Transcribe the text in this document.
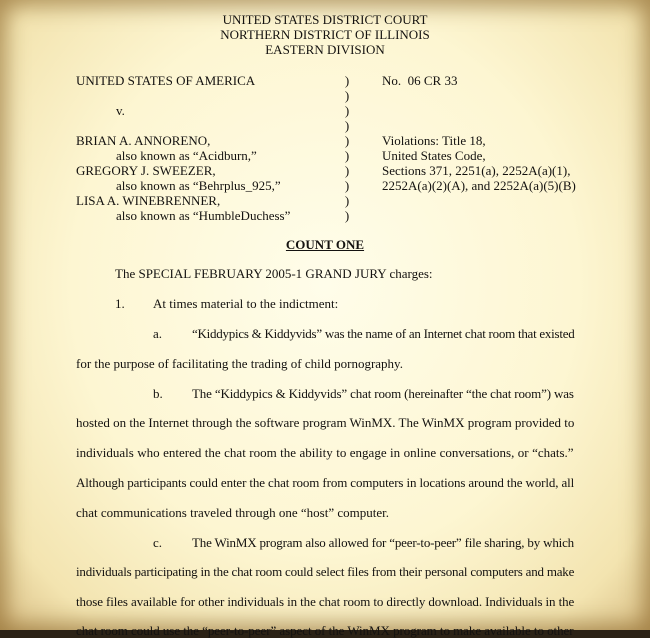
UNITED STATES DISTRICT COURT
NORTHERN DISTRICT OF ILLINOIS
EASTERN DIVISION
UNITED STATES OF AMERICA
v.
BRIAN A. ANNORENO,
also known as “Acidburn,”
GREGORY J. SWEEZER,
also known as “Behrplus_925,”
LISA A. WINEBRENNER,
also known as “HumbleDuchess”
)
)
)
)
)
)
)
)
)
)
No. 06 CR 33
Violations: Title 18,
United States Code,
Sections 371, 2251(a), 2252A(a)(1),
2252A(a)(2)(A), and 2252A(a)(5)(B)
COUNT ONE
The SPECIAL FEBRUARY 2005-1 GRAND JURY charges:
1. At times material to the indictment:
a. “Kiddypics & Kiddyvids” was the name of an Internet chat room that existed
for the purpose of facilitating the trading of child pornography.
b. The “Kiddypics & Kiddyvids” chat room (hereinafter “the chat room”) was
hosted on the Internet through the software program WinMX. The WinMX program provided to
individuals who entered the chat room the ability to engage in online conversations, or “chats.”
Although participants could enter the chat room from computers in locations around the world, all
chat communications traveled through one “host” computer.
c. The WinMX program also allowed for “peer-to-peer” file sharing, by which
individuals participating in the chat room could select files from their personal computers and make
those files available for other individuals in the chat room to directly download. Individuals in the
chat room could use the “peer-to-peer” aspect of the WinMX program to make available to other
